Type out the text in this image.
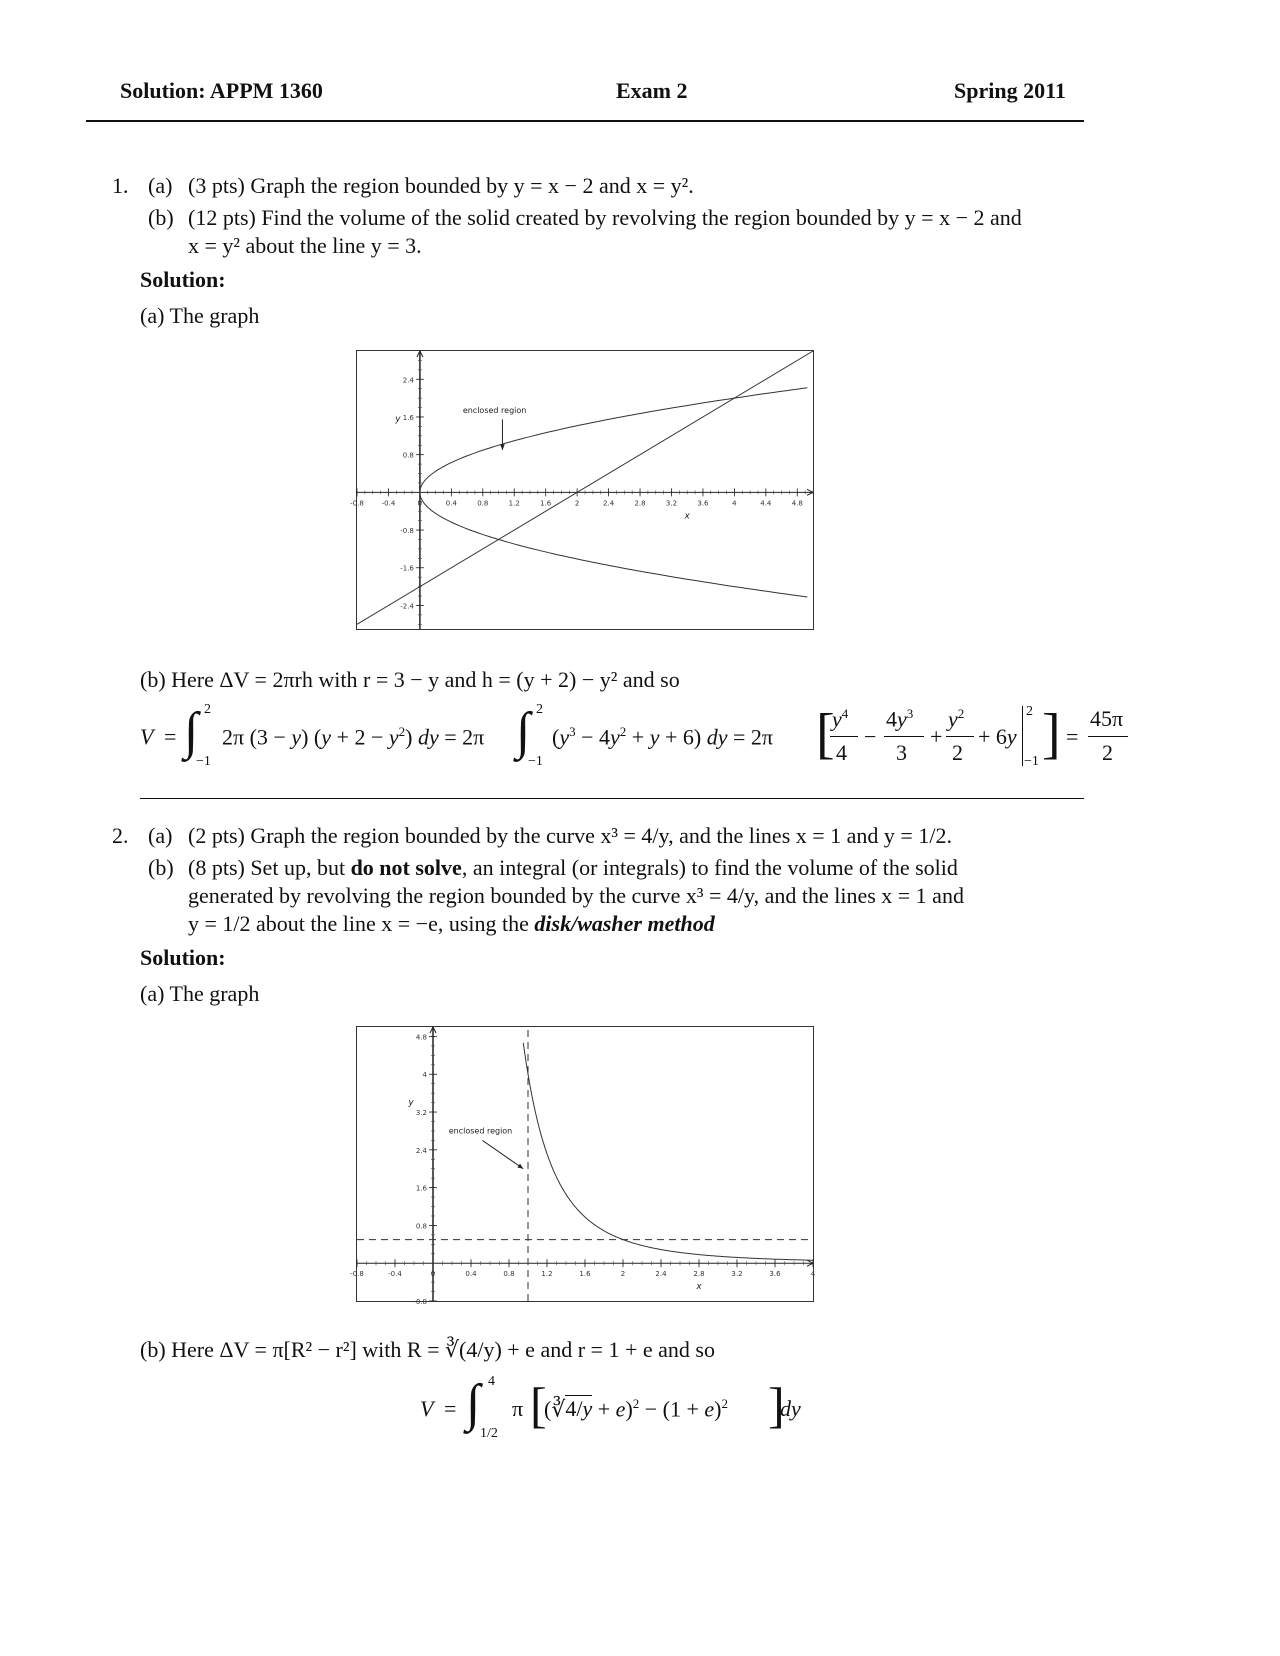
Solution: APPM 1360	Exam 2	Spring 2011
1. (a) (3 pts) Graph the region bounded by y = x − 2 and x = y².
(b) (12 pts) Find the volume of the solid created by revolving the region bounded by y = x − 2 and
x = y² about the line y = 3.
Solution:
(a) The graph
-0.8	-0.4	0	0.4	0.8	1.2	1.6	2	2.4	2.8	3.2	3.6	4	4.4	4.8
2.4
1.6
0.8
-0.8
-1.6
-2.4
x
y
enclosed region
(b) Here ΔV = 2πrh with r = 3 − y and h = (y + 2) − y² and so
V = ∫ 2
−1
2π (3 − y) $(y + 2 - y^2)$ dy = 2π ∫ 2
−1
$(y^3 - 4y^2 + y + 6)$ dy = 2π [
$y^4$
4
−
$4y^3$
3
+
$y^2$
2
+ 6y
2
−1 ] =
45π
2
2. (a) (2 pts) Graph the region bounded by the curve x³ = 4/y, and the lines x = 1 and y = 1/2.
(b) (8 pts) Set up, but do not solve, an integral (or integrals) to find the volume of the solid
generated by revolving the region bounded by the curve x³ = 4/y, and the lines x = 1 and
y = 1/2 about the line x = −e, using the disk/washer method
Solution:
(a) The graph
-0.8	-0.4	0	0.4	0.8	1.2	1.6	2	2.4	2.8	3.2	3.6	4
4.8
4
3.2
2.4
1.6
0.8
-0.8
x
y
enclosed region
(b) Here ΔV = π[R² − r²] with R = ∛(4/y) + e and r = 1 + e and so
V = ∫ 4
1/2
π [
(∛4/y + $e)^2 - (1 + e)^2$ ]
dy
